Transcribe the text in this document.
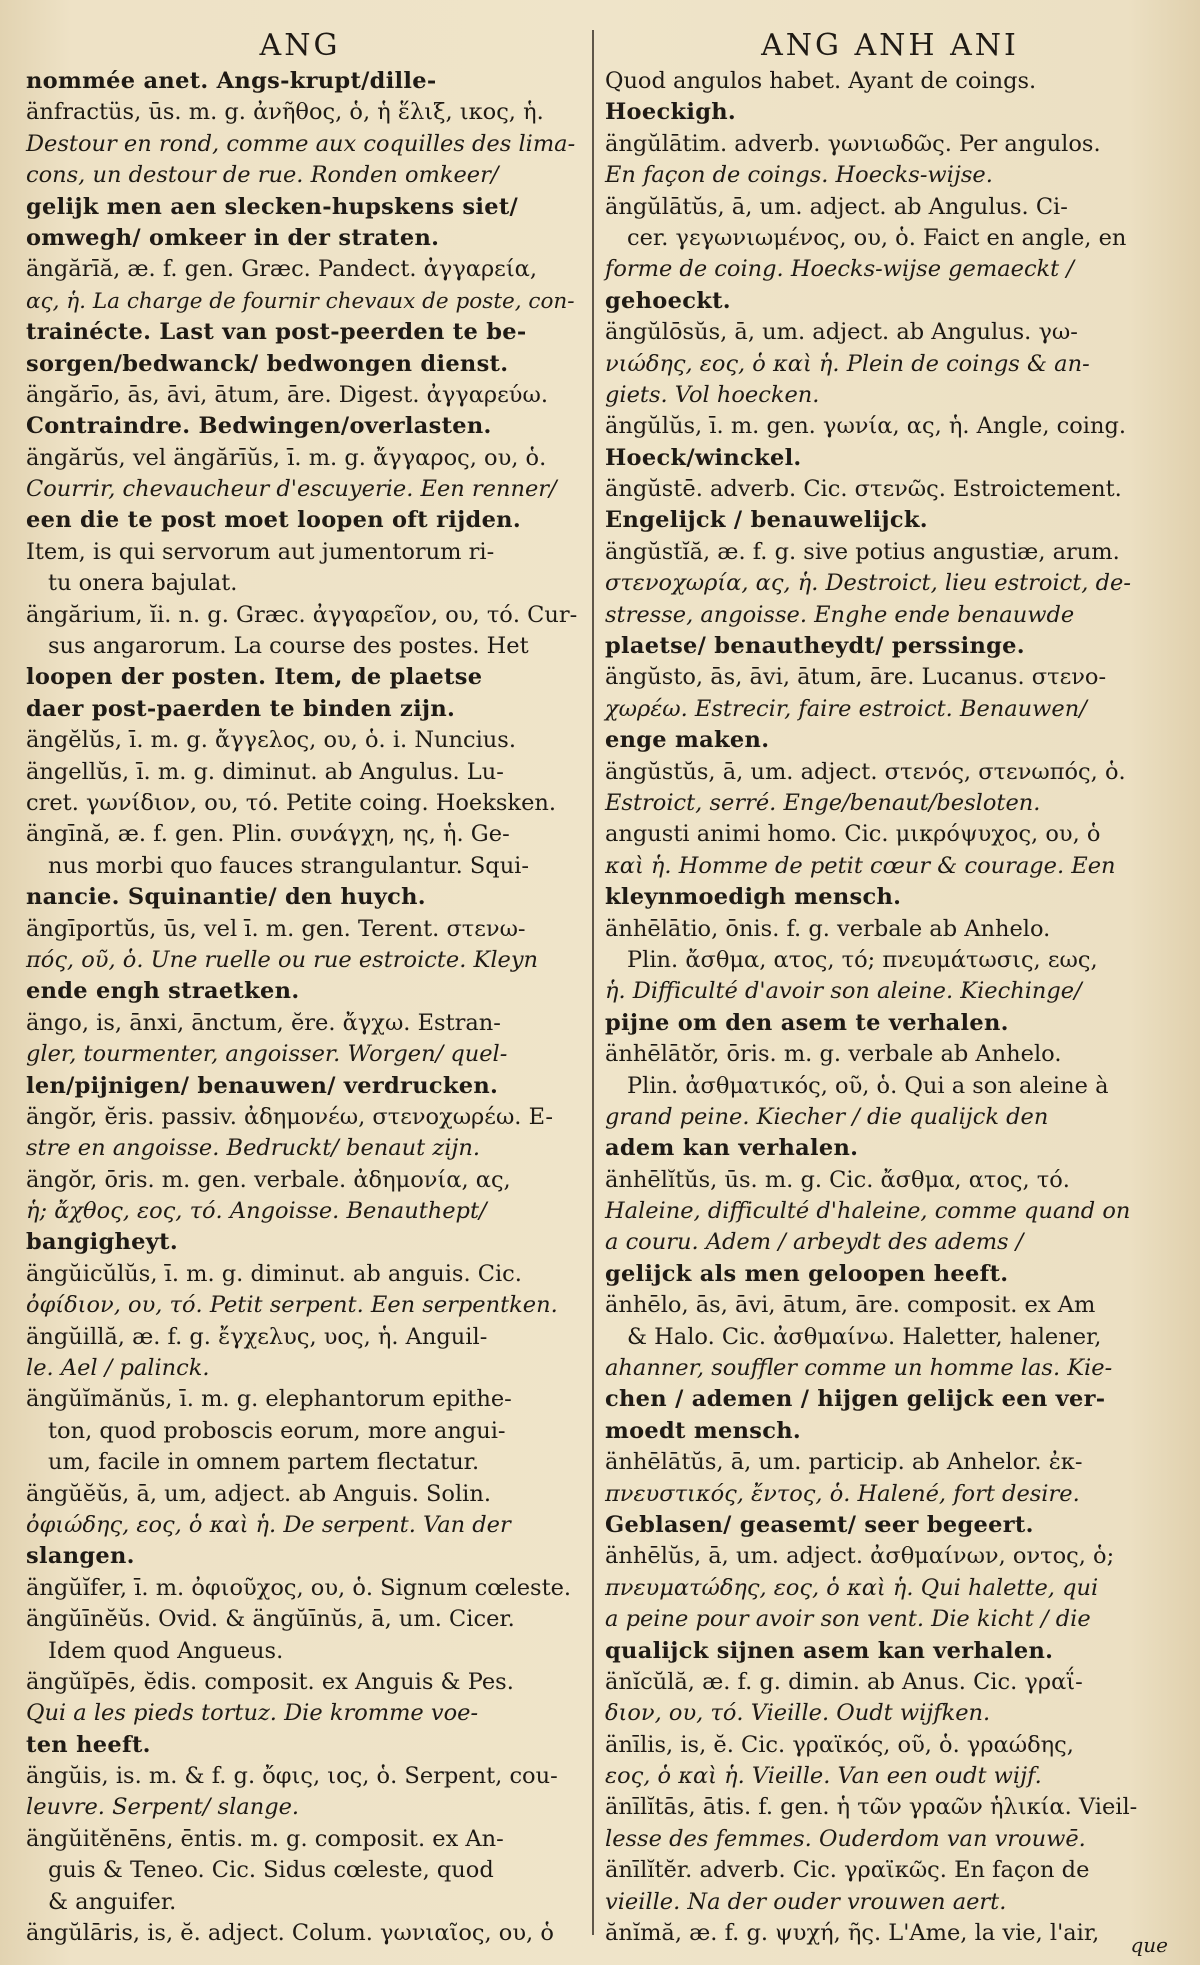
ANG	ANG ANH ANI
nommée anet. Angs-krupt/dille-
änfractüs, ūs. m. g. ἀνῆθος, ὁ, ἡ ἕλιξ, ικος, ἡ.
Destour en rond, comme aux coquilles des lima-
cons, un destour de rue. Ronden omkeer/
gelijk men aen slecken-hupskens siet/
omwegh/ omkeer in der straten.
ängărīă, æ. f. gen. Græc. Pandect. ἀγγαρεία,
ας, ἡ. La charge de fournir chevaux de poste, con-
trainécte. Last van post-peerden te be-
sorgen/bedwanck/ bedwongen dienst.
ängărīo, ās, āvi, ātum, āre. Digest. ἀγγαρεύω.
Contraindre. Bedwingen/overlasten.
ängărŭs, vel ängărīŭs, ī. m. g. ἄγγαρος, ου, ὁ.
Courrir, chevaucheur d'escuyerie. Een renner/
een die te post moet loopen oft rijden.
Item, is qui servorum aut jumentorum ri-
tu onera bajulat.
ängărium, ĭi. n. g. Græc. ἀγγαρεῖον, ου, τό. Cur-
sus angarorum. La course des postes. Het
loopen der posten. Item, de plaetse
daer post-paerden te binden zijn.
ängĕlŭs, ī. m. g. ἄγγελος, ου, ὁ. i. Nuncius.
ängellŭs, ī. m. g. diminut. ab Angulus. Lu-
cret. γωνίδιον, ου, τό. Petite coing. Hoeksken.
ängīnă, æ. f. gen. Plin. συνάγχη, ης, ἡ. Ge-
nus morbi quo fauces strangulantur. Squi-
nancie. Squinantie/ den huych.
ängīportŭs, ūs, vel ī. m. gen. Terent. στενω-
πός, οῦ, ὁ. Une ruelle ou rue estroicte. Kleyn
ende engh straetken.
ängo, is, ānxi, ānctum, ĕre. ἄγχω. Estran-
gler, tourmenter, angoisser. Worgen/ quel-
len/pijnigen/ benauwen/ verdrucken.
ängŏr, ĕris. passiv. ἀδημονέω, στενοχωρέω. E-
stre en angoisse. Bedruckt/ benaut zijn.
ängŏr, ōris. m. gen. verbale. ἀδημονία, ας,
ἡ; ἄχθος, εος, τό. Angoisse. Benauthept/
bangigheyt.
ängŭicŭlŭs, ī. m. g. diminut. ab anguis. Cic.
ὀφίδιον, ου, τό. Petit serpent. Een serpentken.
ängŭillă, æ. f. g. ἔγχελυς, υος, ἡ. Anguil-
le. Ael / palinck.
ängŭĭmănŭs, ī. m. g. elephantorum epithe-
ton, quod proboscis eorum, more angui-
um, facile in omnem partem flectatur.
ängŭĕŭs, ā, um, adject. ab Anguis. Solin.
ὀφιώδης, εος, ὁ καὶ ἡ. De serpent. Van der
slangen.
ängŭĭfer, ī. m. ὀφιοῦχος, ου, ὁ. Signum cœleste.
ängŭīnĕŭs. Ovid. & ängŭīnŭs, ā, um. Cicer.
Idem quod Angueus.
ängŭĭpēs, ĕdis. composit. ex Anguis & Pes.
Qui a les pieds tortuz. Die kromme voe-
ten heeft.
ängŭis, is. m. & f. g. ὄφις, ιος, ὁ. Serpent, cou-
leuvre. Serpent/ slange.
ängŭitĕnēns, ēntis. m. g. composit. ex An-
guis & Teneo. Cic. Sidus cœleste, quod
& anguifer.
ängŭlāris, is, ĕ. adject. Colum. γωνιαῖος, ου, ὁ
Quod angulos habet. Ayant de coings.
Hoeckigh.
ängŭlātim. adverb. γωνιωδῶς. Per angulos.
En façon de coings. Hoecks-wijse.
ängŭlātŭs, ā, um. adject. ab Angulus. Ci-
cer. γεγωνιωμένος, ου, ὁ. Faict en angle, en
forme de coing. Hoecks-wijse gemaeckt /
gehoeckt.
ängŭlōsŭs, ā, um. adject. ab Angulus. γω-
νιώδης, εος, ὁ καὶ ἡ. Plein de coings & an-
giets. Vol hoecken.
ängŭlŭs, ī. m. gen. γωνία, ας, ἡ. Angle, coing.
Hoeck/winckel.
ängŭstē. adverb. Cic. στενῶς. Estroictement.
Engelijck / benauwelijck.
ängŭstĭă, æ. f. g. sive potius angustiæ, arum.
στενοχωρία, ας, ἡ. Destroict, lieu estroict, de-
stresse, angoisse. Enghe ende benauwde
plaetse/ benautheydt/ perssinge.
ängŭsto, ās, āvi, ātum, āre. Lucanus. στενο-
χωρέω. Estrecir, faire estroict. Benauwen/
enge maken.
ängŭstŭs, ā, um. adject. στενός, στενωπός, ὁ.
Estroict, serré. Enge/benaut/besloten.
angusti animi homo. Cic. μικρόψυχος, ου, ὁ
καὶ ἡ. Homme de petit cœur & courage. Een
kleynmoedigh mensch.
änhēlātio, ōnis. f. g. verbale ab Anhelo.
Plin. ἄσθμα, ατος, τό; πνευμάτωσις, εως,
ἡ. Difficulté d'avoir son aleine. Kiechinge/
pijne om den asem te verhalen.
änhēlātŏr, ōris. m. g. verbale ab Anhelo.
Plin. ἀσθματικός, οῦ, ὁ. Qui a son aleine à
grand peine. Kiecher / die qualijck den
adem kan verhalen.
änhēlĭtŭs, ūs. m. g. Cic. ἄσθμα, ατος, τό.
Haleine, difficulté d'haleine, comme quand on
a couru. Adem / arbeydt des adems /
gelijck als men geloopen heeft.
änhēlo, ās, āvi, ātum, āre. composit. ex Am
& Halo. Cic. ἀσθμαίνω. Haletter, halener,
ahanner, souffler comme un homme las. Kie-
chen / ademen / hijgen gelijck een ver-
moedt mensch.
änhēlātŭs, ā, um. particip. ab Anhelor. ἐκ-
πνευστικός, ἔντος, ὁ. Halené, fort desire.
Geblasen/ geasemt/ seer begeert.
änhēlŭs, ā, um. adject. ἀσθμαίνων, οντος, ὁ;
πνευματώδης, εος, ὁ καὶ ἡ. Qui halette, qui
a peine pour avoir son vent. Die kicht / die
qualijck sijnen asem kan verhalen.
änĭcŭlă, æ. f. g. dimin. ab Anus. Cic. γραΐ-
διον, ου, τό. Vieille. Oudt wijfken.
änīlis, is, ĕ. Cic. γραϊκός, οῦ, ὁ. γραώδης,
εος, ὁ καὶ ἡ. Vieille. Van een oudt wijf.
änīlĭtās, ātis. f. gen. ἡ τῶν γραῶν ἡλικία. Vieil-
lesse des femmes. Ouderdom van vrouwē.
änīlĭtĕr. adverb. Cic. γραϊκῶς. En façon de
vieille. Na der ouder vrouwen aert.
ănĭmă, æ. f. g. ψυχή, ῆς. L'Ame, la vie, l'air,	que
